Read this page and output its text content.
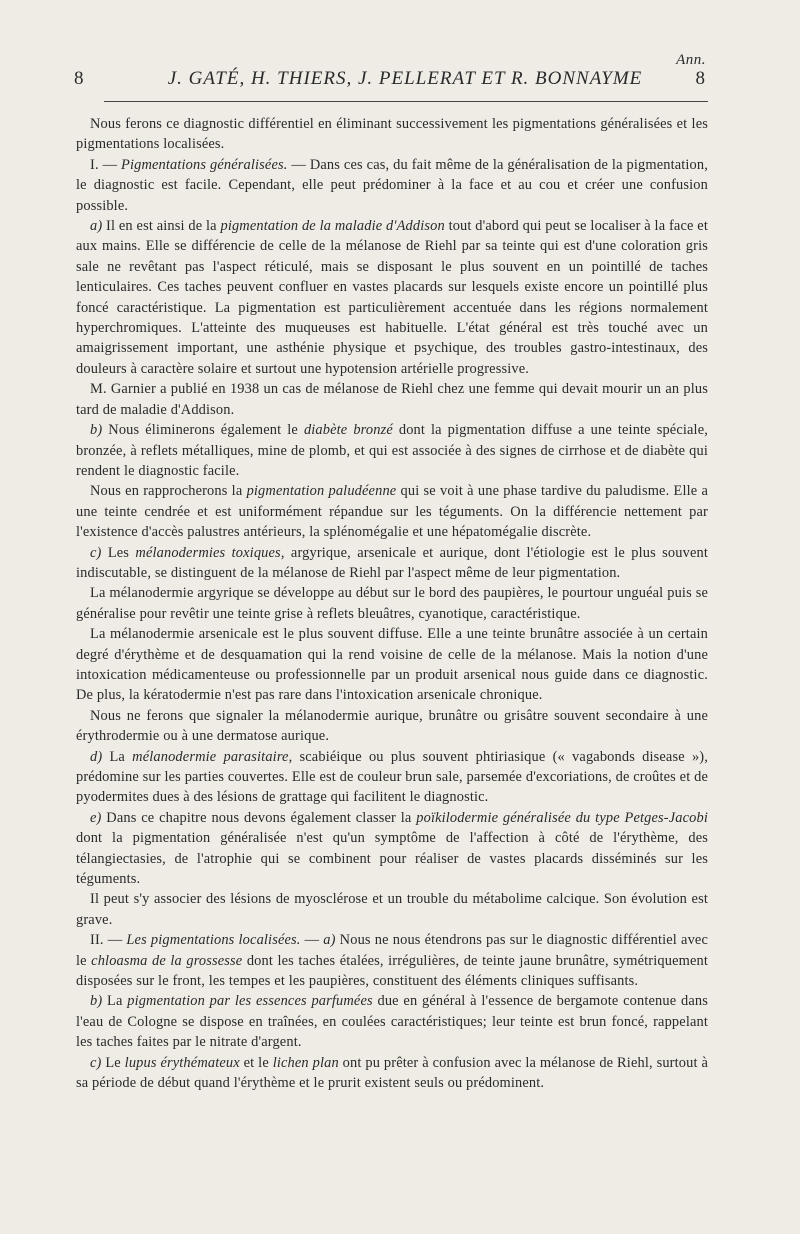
Ann.
8	J. GATÉ, H. THIERS, J. PELLERAT ET R. BONNAYME	8

Nous ferons ce diagnostic différentiel en éliminant successivement les pigmentations généralisées et les pigmentations localisées.

I. — Pigmentations généralisées. — Dans ces cas, du fait même de la généralisation de la pigmentation, le diagnostic est facile. Cependant, elle peut prédominer à la face et au cou et créer une confusion possible.

a) Il en est ainsi de la pigmentation de la maladie d'Addison tout d'abord qui peut se localiser à la face et aux mains. Elle se différencie de celle de la mélanose de Riehl par sa teinte qui est d'une coloration gris sale ne revêtant pas l'aspect réticulé, mais se disposant le plus souvent en un pointillé de taches lenticulaires. Ces taches peuvent confluer en vastes placards sur lesquels existe encore un pointillé plus foncé caractéristique. La pigmentation est particulièrement accentuée dans les régions normalement hyperchromiques. L'atteinte des muqueuses est habituelle. L'état général est très touché avec un amaigrissement important, une asthénie physique et psychique, des troubles gastro-intestinaux, des douleurs à caractère solaire et surtout une hypotension artérielle progressive.

M. Garnier a publié en 1938 un cas de mélanose de Riehl chez une femme qui devait mourir un an plus tard de maladie d'Addison.

b) Nous éliminerons également le diabète bronzé dont la pigmentation diffuse a une teinte spéciale, bronzée, à reflets métalliques, mine de plomb, et qui est associée à des signes de cirrhose et de diabète qui rendent le diagnostic facile.

Nous en rapprocherons la pigmentation paludéenne qui se voit à une phase tardive du paludisme. Elle a une teinte cendrée et est uniformément répandue sur les téguments. On la différencie nettement par l'existence d'accès palustres antérieurs, la splénomégalie et une hépatomégalie discrète.

c) Les mélanodermies toxiques, argyrique, arsenicale et aurique, dont l'étiologie est le plus souvent indiscutable, se distinguent de la mélanose de Riehl par l'aspect même de leur pigmentation.

La mélanodermie argyrique se développe au début sur le bord des paupières, le pourtour unguéal puis se généralise pour revêtir une teinte grise à reflets bleuâtres, cyanotique, caractéristique.

La mélanodermie arsenicale est le plus souvent diffuse. Elle a une teinte brunâtre associée à un certain degré d'érythème et de desquamation qui la rend voisine de celle de la mélanose. Mais la notion d'une intoxication médicamenteuse ou professionnelle par un produit arsenical nous guide dans ce diagnostic. De plus, la kératodermie n'est pas rare dans l'intoxication arsenicale chronique.

Nous ne ferons que signaler la mélanodermie aurique, brunâtre ou grisâtre souvent secondaire à une érythrodermie ou à une dermatose aurique.

d) La mélanodermie parasitaire, scabiéique ou plus souvent phtiriasique (« vagabonds disease »), prédomine sur les parties couvertes. Elle est de couleur brun sale, parsemée d'excoriations, de croûtes et de pyodermites dues à des lésions de grattage qui facilitent le diagnostic.

e) Dans ce chapitre nous devons également classer la poïkilodermie généralisée du type Petges-Jacobi dont la pigmentation généralisée n'est qu'un symptôme de l'affection à côté de l'érythème, des télangiectasies, de l'atrophie qui se combinent pour réaliser de vastes placards disséminés sur les téguments.

Il peut s'y associer des lésions de myosclérose et un trouble du métabolime calcique. Son évolution est grave.

II. — Les pigmentations localisées. — a) Nous ne nous étendrons pas sur le diagnostic différentiel avec le chloasma de la grossesse dont les taches étalées, irrégulières, de teinte jaune brunâtre, symétriquement disposées sur le front, les tempes et les paupières, constituent des éléments cliniques suffisants.

b) La pigmentation par les essences parfumées due en général à l'essence de bergamote contenue dans l'eau de Cologne se dispose en traînées, en coulées caractéristiques; leur teinte est brun foncé, rappelant les taches faites par le nitrate d'argent.

c) Le lupus érythémateux et le lichen plan ont pu prêter à confusion avec la mélanose de Riehl, surtout à sa période de début quand l'érythème et le prurit existent seuls ou prédominent.
